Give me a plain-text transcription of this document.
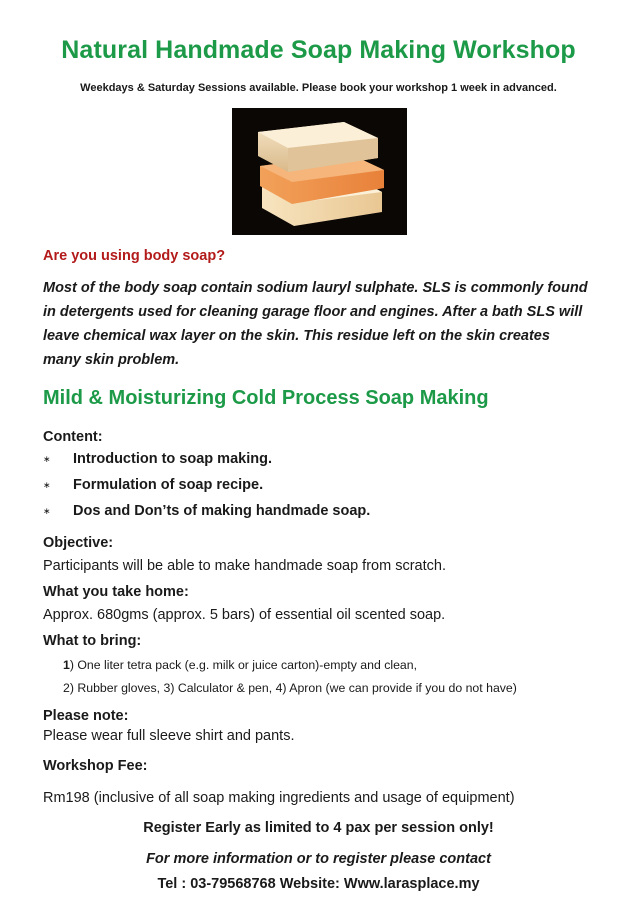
Natural Handmade Soap Making Workshop
Weekdays & Saturday Sessions available. Please book your workshop 1 week in advanced.
Are you using body soap?
Most of the body soap contain sodium lauryl sulphate. SLS is commonly found
in detergents used for cleaning garage floor and engines. After a bath SLS will
leave chemical wax layer on the skin. This residue left on the skin creates
many skin problem.
Mild & Moisturizing Cold Process Soap Making
Content:
∗ Introduction to soap making.
∗ Formulation of soap recipe.
∗ Dos and Don’ts of making handmade soap.
Objective:
Participants will be able to make handmade soap from scratch.
What you take home:
Approx. 680gms (approx. 5 bars) of essential oil scented soap.
What to bring:
1) One liter tetra pack (e.g. milk or juice carton)-empty and clean,
2) Rubber gloves, 3) Calculator & pen, 4) Apron (we can provide if you do not have)
Please note:
Please wear full sleeve shirt and pants.
Workshop Fee:
Rm198 (inclusive of all soap making ingredients and usage of equipment)
Register Early as limited to 4 pax per session only!
For more information or to register please contact
Tel : 03-79568768 Website: Www.larasplace.my
